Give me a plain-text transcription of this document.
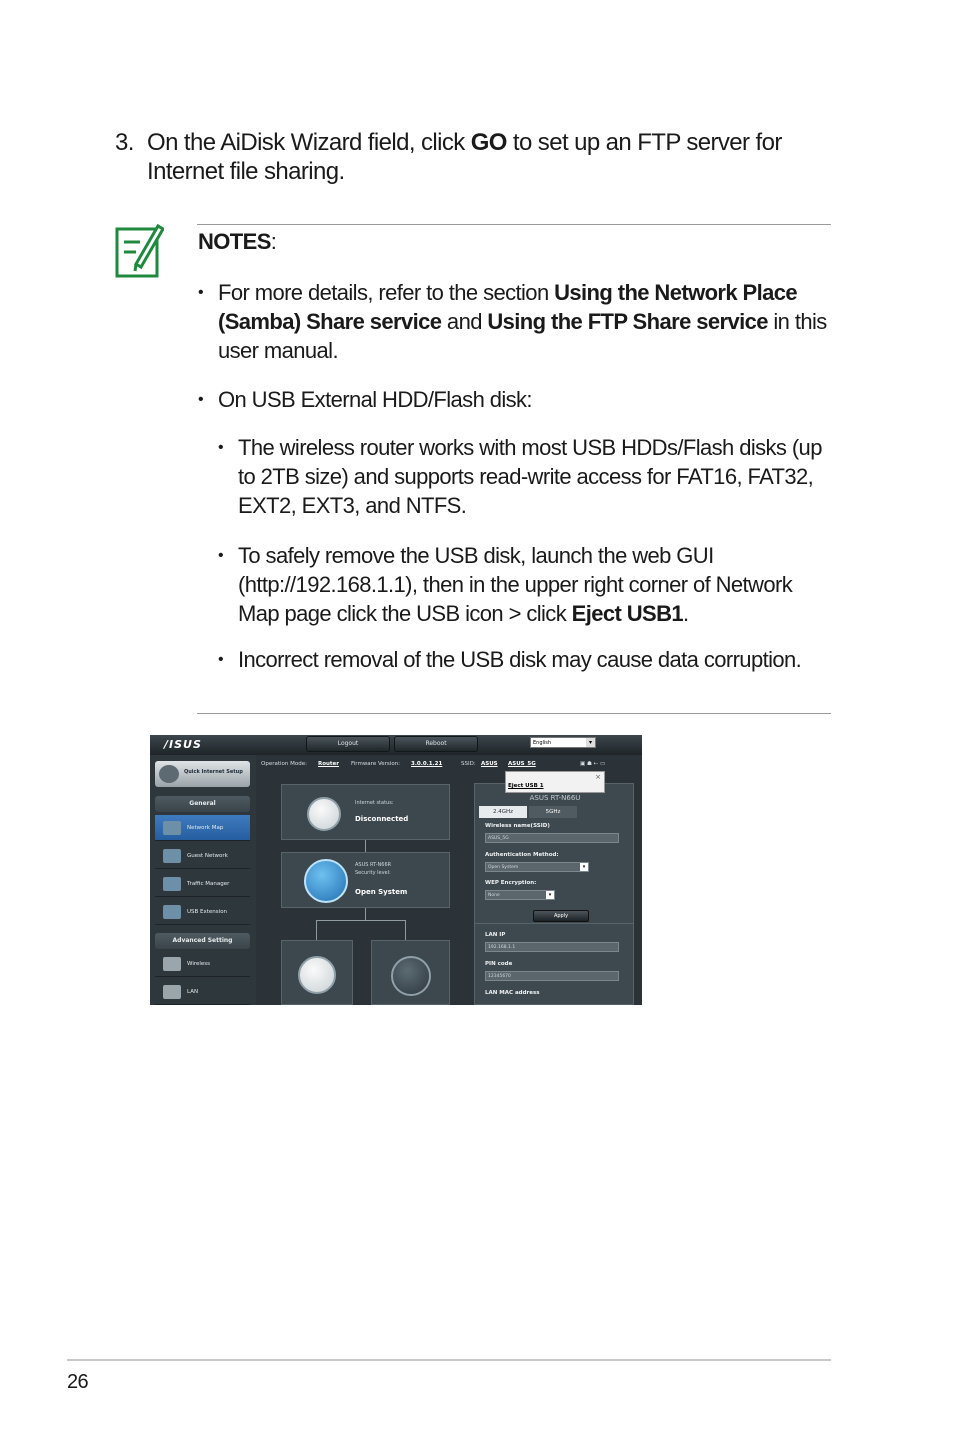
3. On the AiDisk Wizard field, click GO to set up an FTP server for Internet file sharing.
NOTES:
• For more details, refer to the section Using the Network Place (Samba) Share service and Using the FTP Share service in this user manual.
• On USB External HDD/Flash disk:
• The wireless router works with most USB HDDs/Flash disks (up to 2TB size) and supports read-write access for FAT16, FAT32, EXT2, EXT3, and NTFS.
• To safely remove the USB disk, launch the web GUI (http://192.168.1.1), then in the upper right corner of Network Map page click the USB icon > click Eject USB1.
• Incorrect removal of the USB disk may cause data corruption.
/ISUS	Logout	Reboot	English	▾
Quick Internet Setup
General
Network Map
Guest Network
Traffic Manager
USB Extension
Advanced Setting
Wireless
LAN
Operation Mode: Router Firmware Version: 3.0.0.1.21	SSID: ASUS ASUS_5G	▣ ☗ ⇠ ▭
Internet status:
Disconnected
ASUS RT-N66R
Security level:
Open System
ASUS RT-N66U
2.4GHz	5GHz
Wireless name(SSID)
ASUS_5G
Authentication Method:
Open System	▾
WEP Encryption:
None	▾
Apply
LAN IP
192.168.1.1
PIN code
12345670
LAN MAC address
Eject USB 1
×
26
